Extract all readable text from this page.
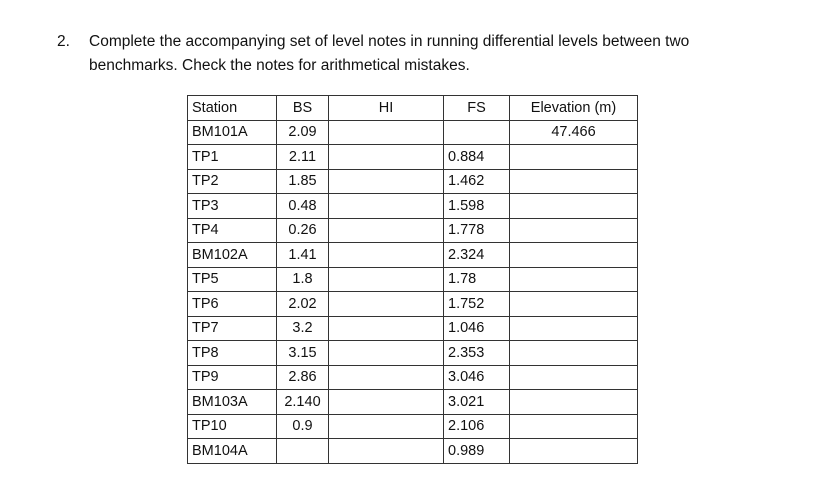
2. Complete the accompanying set of level notes in running differential levels between two
benchmarks. Check the notes for arithmetical mistakes.
Station	BS	HI	FS	Elevation (m)
BM101A	2.09			47.466
TP1	2.11		0.884	
TP2	1.85		1.462	
TP3	0.48		1.598	
TP4	0.26		1.778	
BM102A	1.41		2.324	
TP5	1.8		1.78	
TP6	2.02		1.752	
TP7	3.2		1.046	
TP8	3.15		2.353	
TP9	2.86		3.046	
BM103A	2.140		3.021	
TP10	0.9		2.106	
BM104A			0.989	
